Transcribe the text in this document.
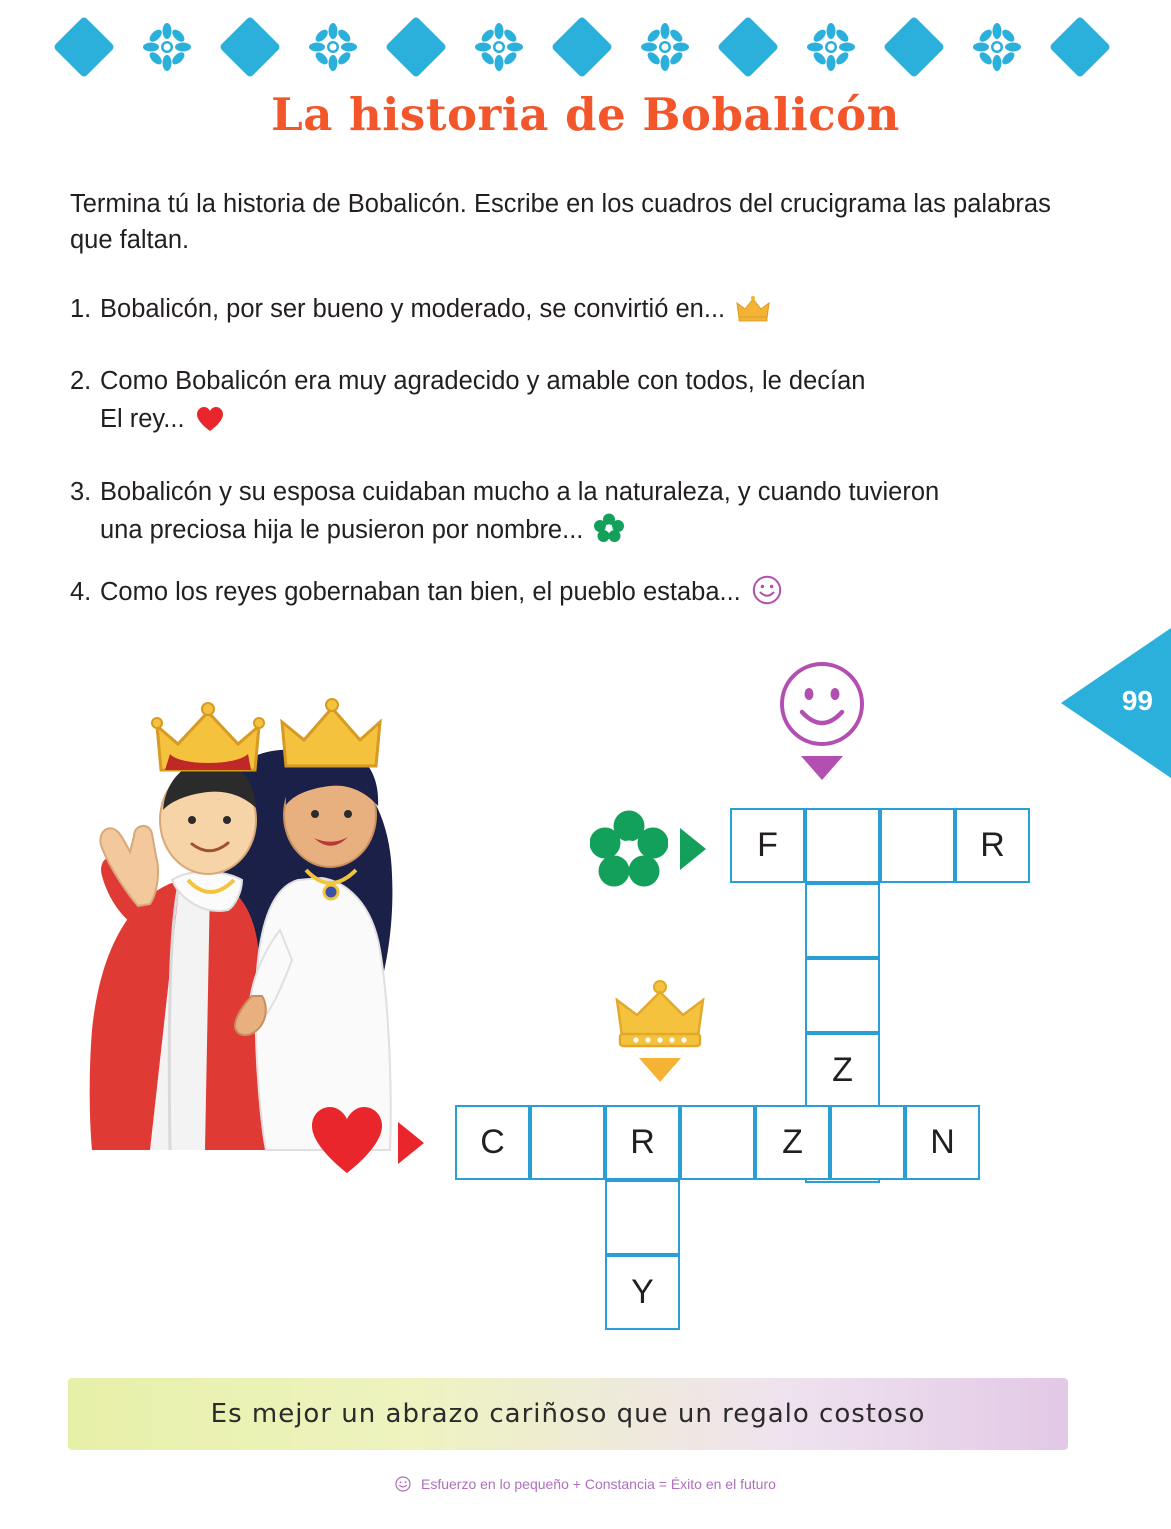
La historia de Bobalicón
Termina tú la historia de Bobalicón. Escribe en los cuadros del crucigrama las palabras que faltan.
1. Bobalicón, por ser bueno y moderado, se convirtió en...
2. Como Bobalicón era muy agradecido y amable con todos, le decían
El rey...
3. Bobalicón y su esposa cuidaban mucho a la naturaleza, y cuando tuvieron
una preciosa hija le pusieron por nombre...
4. Como los reyes gobernaban tan bien, el pueblo estaba...
99
F	R
Z
C	R	Z	N
Y
Es mejor un abrazo cariñoso que un regalo costoso
Esfuerzo en lo pequeño + Constancia = Éxito en el futuro
